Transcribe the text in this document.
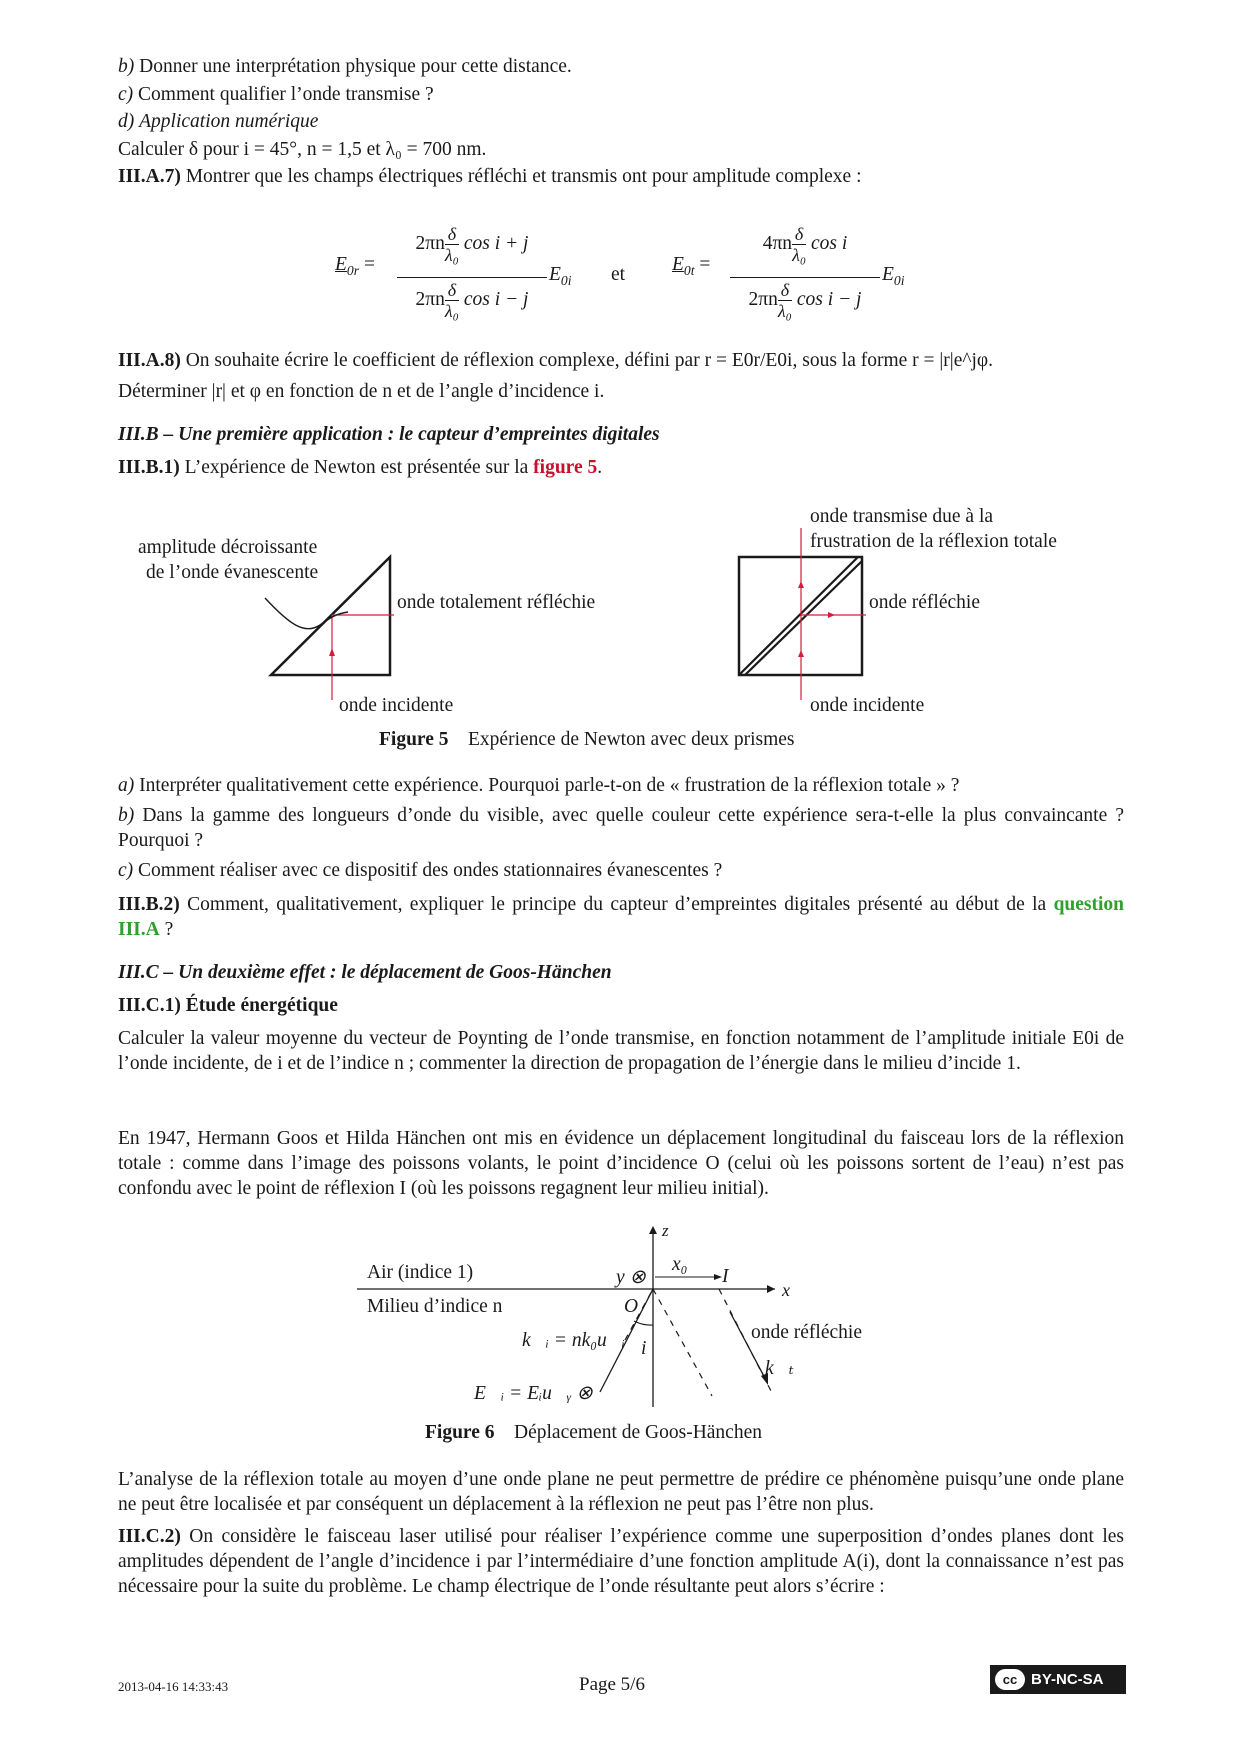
b) Donner une interprétation physique pour cette distance.

c) Comment qualifier l’onde transmise ?

d) Application numérique

Calculer δ pour i = 45°, n = 1,5 et λ₀ = 700 nm.

III.A.7) Montrer que les champs électriques réfléchi et transmis ont pour amplitude complexe :

$E_{0r}$ =
$2\pi n \frac{\delta}{\text{λ₀}}$ cos i + j
$2\pi n \frac{\delta}{\text{λ₀}}$ cos i − j
$E_{0i}$ et $E_{0t}$ =
$4\pi n \frac{\delta}{\text{λ₀}}$ cos i
$2\pi n \frac{\delta}{\text{λ₀}}$ cos i − j
$E_{0i}$

III.A.8) On souhaite écrire le coefficient de réflexion complexe, défini par r = E0r/E0i, sous la forme r = |r|e^jφ.

Déterminer |r| et φ en fonction de n et de l’angle d’incidence i.

III.B – Une première application : le capteur d’empreintes digitales

III.B.1) L’expérience de Newton est présentée sur la figure 5.

amplitude décroissante
de l’onde évanescente
onde totalement réfléchie
onde incidente
onde transmise due à la
frustration de la réflexion totale
onde réfléchie
onde incidente
Figure 5 Expérience de Newton avec deux prismes

a) Interpréter qualitativement cette expérience. Pourquoi parle-t-on de « frustration de la réflexion totale » ?

b) Dans la gamme des longueurs d’onde du visible, avec quelle couleur cette expérience sera-t-elle la plus convaincante ? Pourquoi ?

c) Comment réaliser avec ce dispositif des ondes stationnaires évanescentes ?

III.B.2) Comment, qualitativement, expliquer le principe du capteur d’empreintes digitales présenté au début de la question III.A ?

III.C – Un deuxième effet : le déplacement de Goos-Hänchen

III.C.1) Étude énergétique

Calculer la valeur moyenne du vecteur de Poynting de l’onde transmise, en fonction notamment de l’amplitude initiale E0i de l’onde incidente, de i et de l’indice n ; commenter la direction de propagation de l’énergie dans le milieu d’incide 1.

En 1947, Hermann Goos et Hilda Hänchen ont mis en évidence un déplacement longitudinal du faisceau lors de la réflexion totale : comme dans l’image des poissons volants, le point d’incidence O (celui où les poissons sortent de l’eau) n’est pas confondu avec le point de réflexion I (où les poissons regagnent leur milieu initial).

Air (indice 1)
Milieu d’indice n
z
x
y ⊗
x₀
I
O
k⃗ᵢ = nk₀u⃗ᵢ i
E⃗ᵢ = Eᵢu⃗ᵧ ⊗
onde réfléchie
k⃗ₜ
Figure 6 Déplacement de Goos-Hänchen

L’analyse de la réflexion totale au moyen d’une onde plane ne peut permettre de prédire ce phénomène puisqu’une onde plane ne peut être localisée et par conséquent un déplacement à la réflexion ne peut pas l’être non plus.

III.C.2) On considère le faisceau laser utilisé pour réaliser l’expérience comme une superposition d’ondes planes dont les amplitudes dépendent de l’angle d’incidence i par l’intermédiaire d’une fonction amplitude A(i), dont la connaissance n’est pas nécessaire pour la suite du problème. Le champ électrique de l’onde résultante peut alors s’écrire :

2013-04-16 14:33:43	Page 5/6	cc BY-NC-SA
